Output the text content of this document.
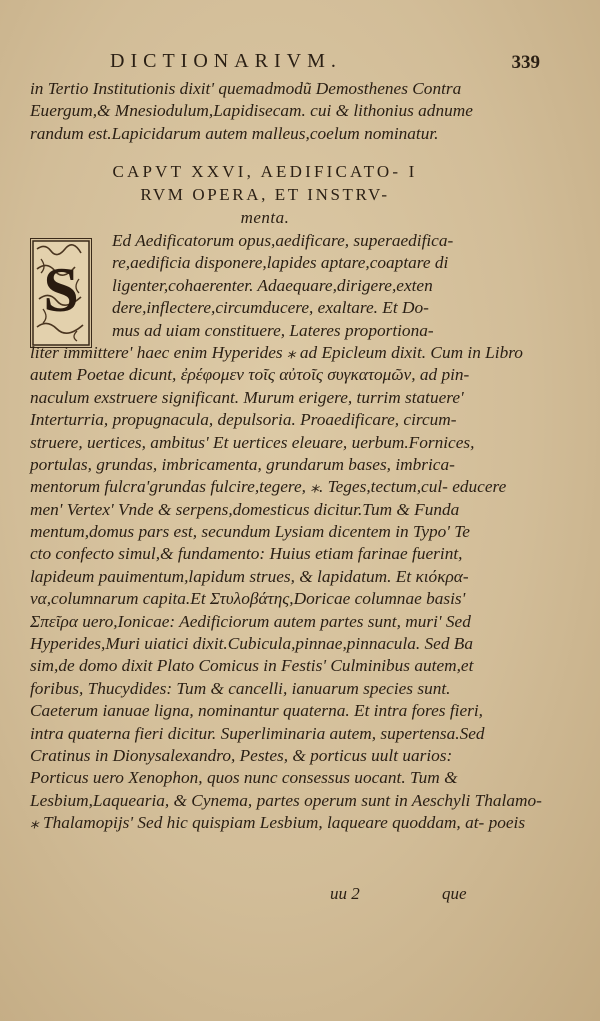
DICTIONARIVM.	339
in Tertio Institutionis dixit' quemadmodũ Demosthenes Contra
Euergum,& Mnesiodulum,Lapidisecam. cui & lithonius adnume
randum est.Lapicidarum autem malleus,coelum nominatur.
CAPVT XXVI, AEDIFICATO- I
RVM OPERA, ET INSTRV-
menta.
S
Ed Aedificatorum opus,aedificare, superaedifica-
re,aedificia disponere,lapides aptare,coaptare di
ligenter,cohaerenter. Adaequare,dirigere,exten
dere,inflectere,circumducere, exaltare. Et Do-
mus ad uiam constituere, Lateres proportiona-
liter immittere' haec enim Hyperides ⁎ ad Epicleum dixit. Cum in Libro
autem Poetae dicunt, ἐρέφομεν τοῖς αὐτοῖς συγκατομῶν, ad pin-
naculum exstruere significant. Murum erigere, turrim statuere'
Interturria, propugnacula, depulsoria. Proaedificare, circum-
struere, uertices, ambitus' Et uertices eleuare, uerbum.Fornices,
portulas, grundas, imbricamenta, grundarum bases, imbrica-
mentorum fulcra'grundas fulcire,tegere, ⁎. Teges,tectum,cul- educere
men' Vertex' Vnde & serpens,domesticus dicitur.Tum & Funda
mentum,domus pars est, secundum Lysiam dicentem in Typo' Te
cto confecto simul,& fundamento: Huius etiam farinae fuerint,
lapideum pauimentum,lapidum strues, & lapidatum. Et κιόκρα-
να,columnarum capita.Et Στυλοβάτης,Doricae columnae basis'
Σπεῖρα uero,Ionicae: Aedificiorum autem partes sunt, muri' Sed
Hyperides,Muri uiatici dixit.Cubicula,pinnae,pinnacula. Sed Ba
sim,de domo dixit Plato Comicus in Festis' Culminibus autem,et
foribus, Thucydides: Tum & cancelli, ianuarum species sunt.
Caeterum ianuae ligna, nominantur quaterna. Et intra fores fieri,
intra quaterna fieri dicitur. Superliminaria autem, supertensa.Sed
Cratinus in Dionysalexandro, Pestes, & porticus uult uarios:
Porticus uero Xenophon, quos nunc consessus uocant. Tum &
Lesbium,Laquearia, & Cynema, partes operum sunt in Aeschyli Thalamo-
⁎ Thalamopijs' Sed hic quispiam Lesbium, laqueare quoddam, at- poeis
uu 2	que
